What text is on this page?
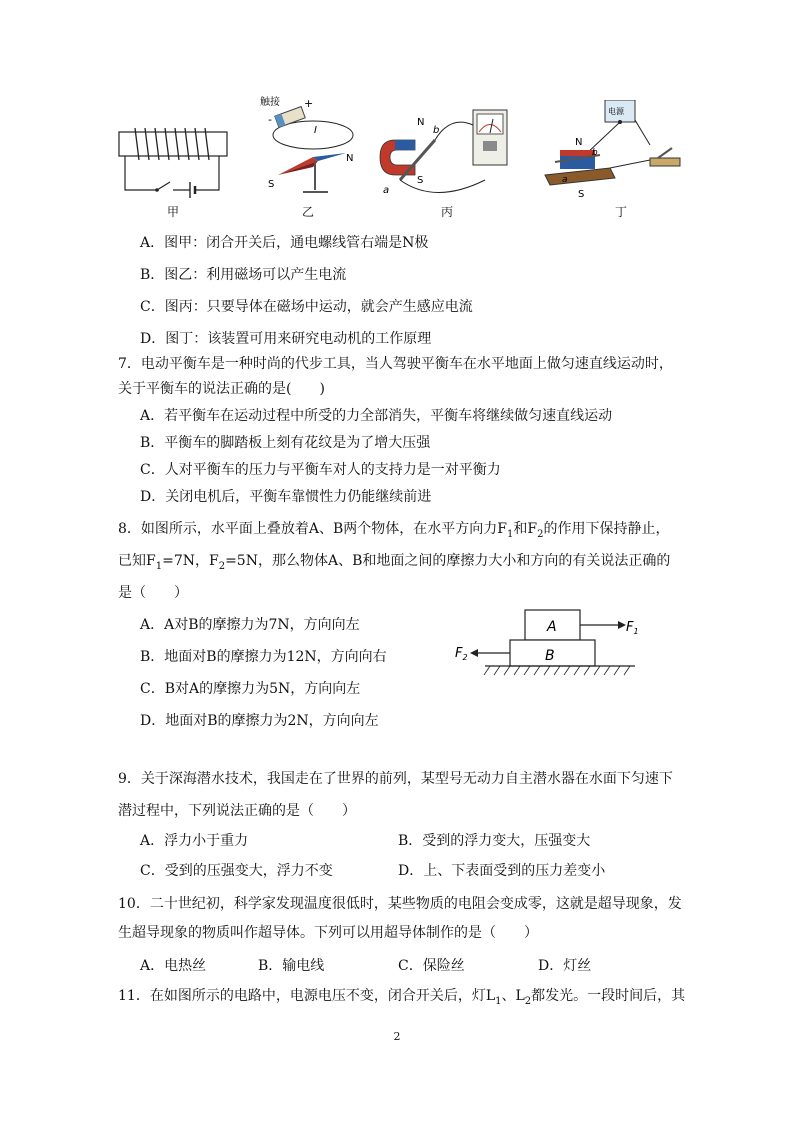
甲
触接 +
-
I
S
N
乙
N
b
a
S
丙
电源
N
b
a
S
丁
A．图甲：闭合开关后，通电螺线管右端是N极
B．图乙：利用磁场可以产生电流
C．图丙：只要导体在磁场中运动，就会产生感应电流
D．图丁：该装置可用来研究电动机的工作原理
7．电动平衡车是一种时尚的代步工具，当人驾驶平衡车在水平地面上做匀速直线运动时，
关于平衡车的说法正确的是(　　)
A．若平衡车在运动过程中所受的力全部消失，平衡车将继续做匀速直线运动
B．平衡车的脚踏板上刻有花纹是为了增大压强
C．人对平衡车的压力与平衡车对人的支持力是一对平衡力
D．关闭电机后，平衡车靠惯性力仍能继续前进
8．如图所示，水平面上叠放着A、B两个物体，在水平方向力$F_1$和$F_2$的作用下保持静止，
已知$F_1=7N$，$F_2=5N$，那么物体A、B和地面之间的摩擦力大小和方向的有关说法正确的
是（　　）
A．A对B的摩擦力为7N，方向向左
B．地面对B的摩擦力为12N，方向向右
C．B对A的摩擦力为5N，方向向左
D．地面对B的摩擦力为2N，方向向左
A
B
$F_1$
$F_2$
9．关于深海潜水技术，我国走在了世界的前列，某型号无动力自主潜水器在水面下匀速下
潜过程中，下列说法正确的是（　　）
A．浮力小于重力	B．受到的浮力变大，压强变大
C．受到的压强变大，浮力不变	D．上、下表面受到的压力差变小
10．二十世纪初，科学家发现温度很低时，某些物质的电阻会变成零，这就是超导现象，发
生超导现象的物质叫作超导体。下列可以用超导体制作的是（　　）
A．电热丝	B．输电线	C．保险丝	D．灯丝
11．在如图所示的电路中，电源电压不变，闭合开关后，灯$L_1$、$L_2$都发光。一段时间后，其
2
